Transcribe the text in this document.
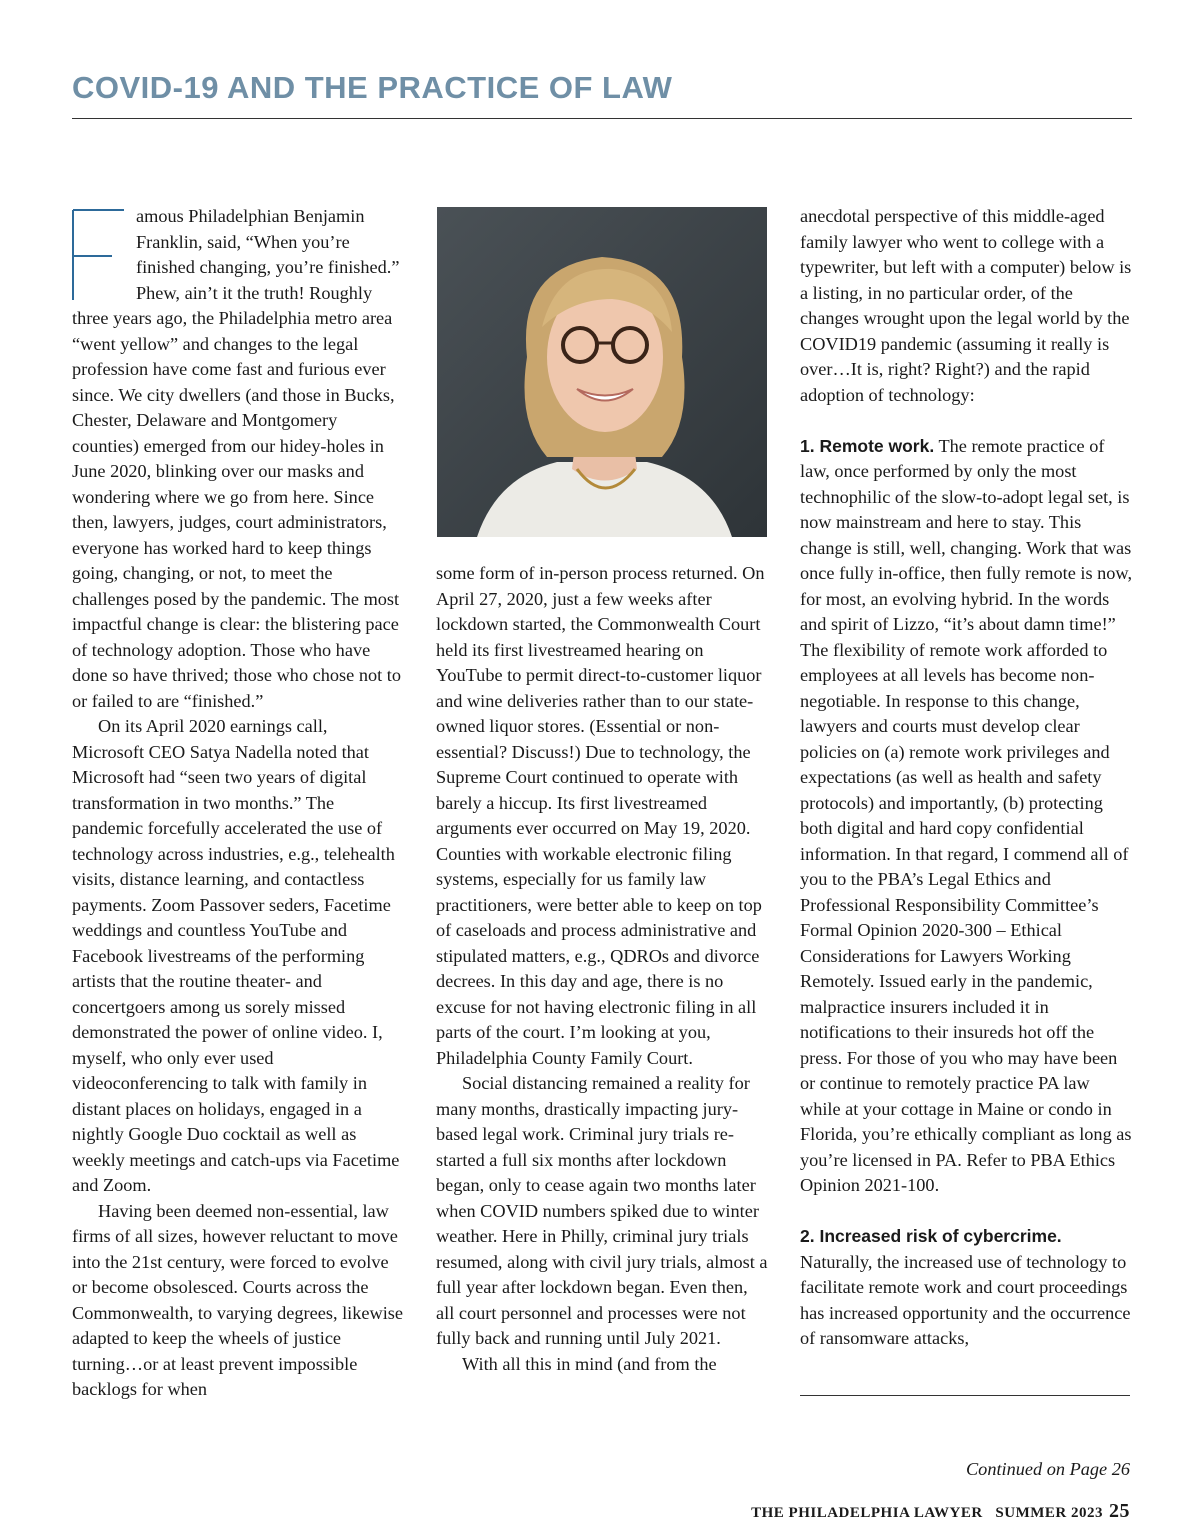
COVID-19 AND THE PRACTICE OF LAW

amous Philadelphian Benjamin Franklin, said, “When you’re finished changing, you’re finished.” Phew, ain’t it the truth! Roughly three years ago, the Philadelphia metro area “went yellow” and changes to the legal profession have come fast and furious ever since. We city dwellers (and those in Bucks, Chester, Delaware and Montgomery counties) emerged from our hidey-holes in June 2020, blinking over our masks and wondering where we go from here. Since then, lawyers, judges, court administrators, everyone has worked hard to keep things going, changing, or not, to meet the challenges posed by the pandemic. The most impactful change is clear: the blistering pace of technology adoption. Those who have done so have thrived; those who chose not to or failed to are “finished.”

On its April 2020 earnings call, Microsoft CEO Satya Nadella noted that Microsoft had “seen two years of digital transformation in two months.” The pandemic forcefully accelerated the use of technology across industries, e.g., telehealth visits, distance learning, and contactless payments. Zoom Passover seders, Facetime weddings and countless YouTube and Facebook livestreams of the performing artists that the routine theater- and concertgoers among us sorely missed demonstrated the power of online video. I, myself, who only ever used videoconferencing to talk with family in distant places on holidays, engaged in a nightly Google Duo cocktail as well as weekly meetings and catch-ups via Facetime and Zoom.

Having been deemed non-essential, law firms of all sizes, however reluctant to move into the 21st century, were forced to evolve or become obsolesced. Courts across the Commonwealth, to varying degrees, likewise adapted to keep the wheels of justice turning…or at least prevent impossible backlogs for when

some form of in-person process returned. On April 27, 2020, just a few weeks after lockdown started, the Commonwealth Court held its first livestreamed hearing on YouTube to permit direct-to-customer liquor and wine deliveries rather than to our state-owned liquor stores. (Essential or non-essential? Discuss!) Due to technology, the Supreme Court continued to operate with barely a hiccup. Its first livestreamed arguments ever occurred on May 19, 2020. Counties with workable electronic filing systems, especially for us family law practitioners, were better able to keep on top of caseloads and process administrative and stipulated matters, e.g., QDROs and divorce decrees. In this day and age, there is no excuse for not having electronic filing in all parts of the court. I’m looking at you, Philadelphia County Family Court.

Social distancing remained a reality for many months, drastically impacting jury-based legal work. Criminal jury trials re-started a full six months after lockdown began, only to cease again two months later when COVID numbers spiked due to winter weather. Here in Philly, criminal jury trials resumed, along with civil jury trials, almost a full year after lockdown began. Even then, all court personnel and processes were not fully back and running until July 2021.

With all this in mind (and from the

anecdotal perspective of this middle-aged family lawyer who went to college with a typewriter, but left with a computer) below is a listing, in no particular order, of the changes wrought upon the legal world by the COVID19 pandemic (assuming it really is over…It is, right? Right?) and the rapid adoption of technology:

1. Remote work. The remote practice of law, once performed by only the most technophilic of the slow-to-adopt legal set, is now mainstream and here to stay. This change is still, well, changing. Work that was once fully in-office, then fully remote is now, for most, an evolving hybrid. In the words and spirit of Lizzo, “it’s about damn time!” The flexibility of remote work afforded to employees at all levels has become non-negotiable. In response to this change, lawyers and courts must develop clear policies on (a) remote work privileges and expectations (as well as health and safety protocols) and importantly, (b) protecting both digital and hard copy confidential information. In that regard, I commend all of you to the PBA’s Legal Ethics and Professional Responsibility Committee’s Formal Opinion 2020-300 – Ethical Considerations for Lawyers Working Remotely. Issued early in the pandemic, malpractice insurers included it in notifications to their insureds hot off the press. For those of you who may have been or continue to remotely practice PA law while at your cottage in Maine or condo in Florida, you’re ethically compliant as long as you’re licensed in PA. Refer to PBA Ethics Opinion 2021-100.

2. Increased risk of cybercrime.

Naturally, the increased use of technology to facilitate remote work and court proceedings has increased opportunity and the occurrence of ransomware attacks,

Continued on Page 26
THE PHILADELPHIA LAWYER   SUMMER 2023 25
